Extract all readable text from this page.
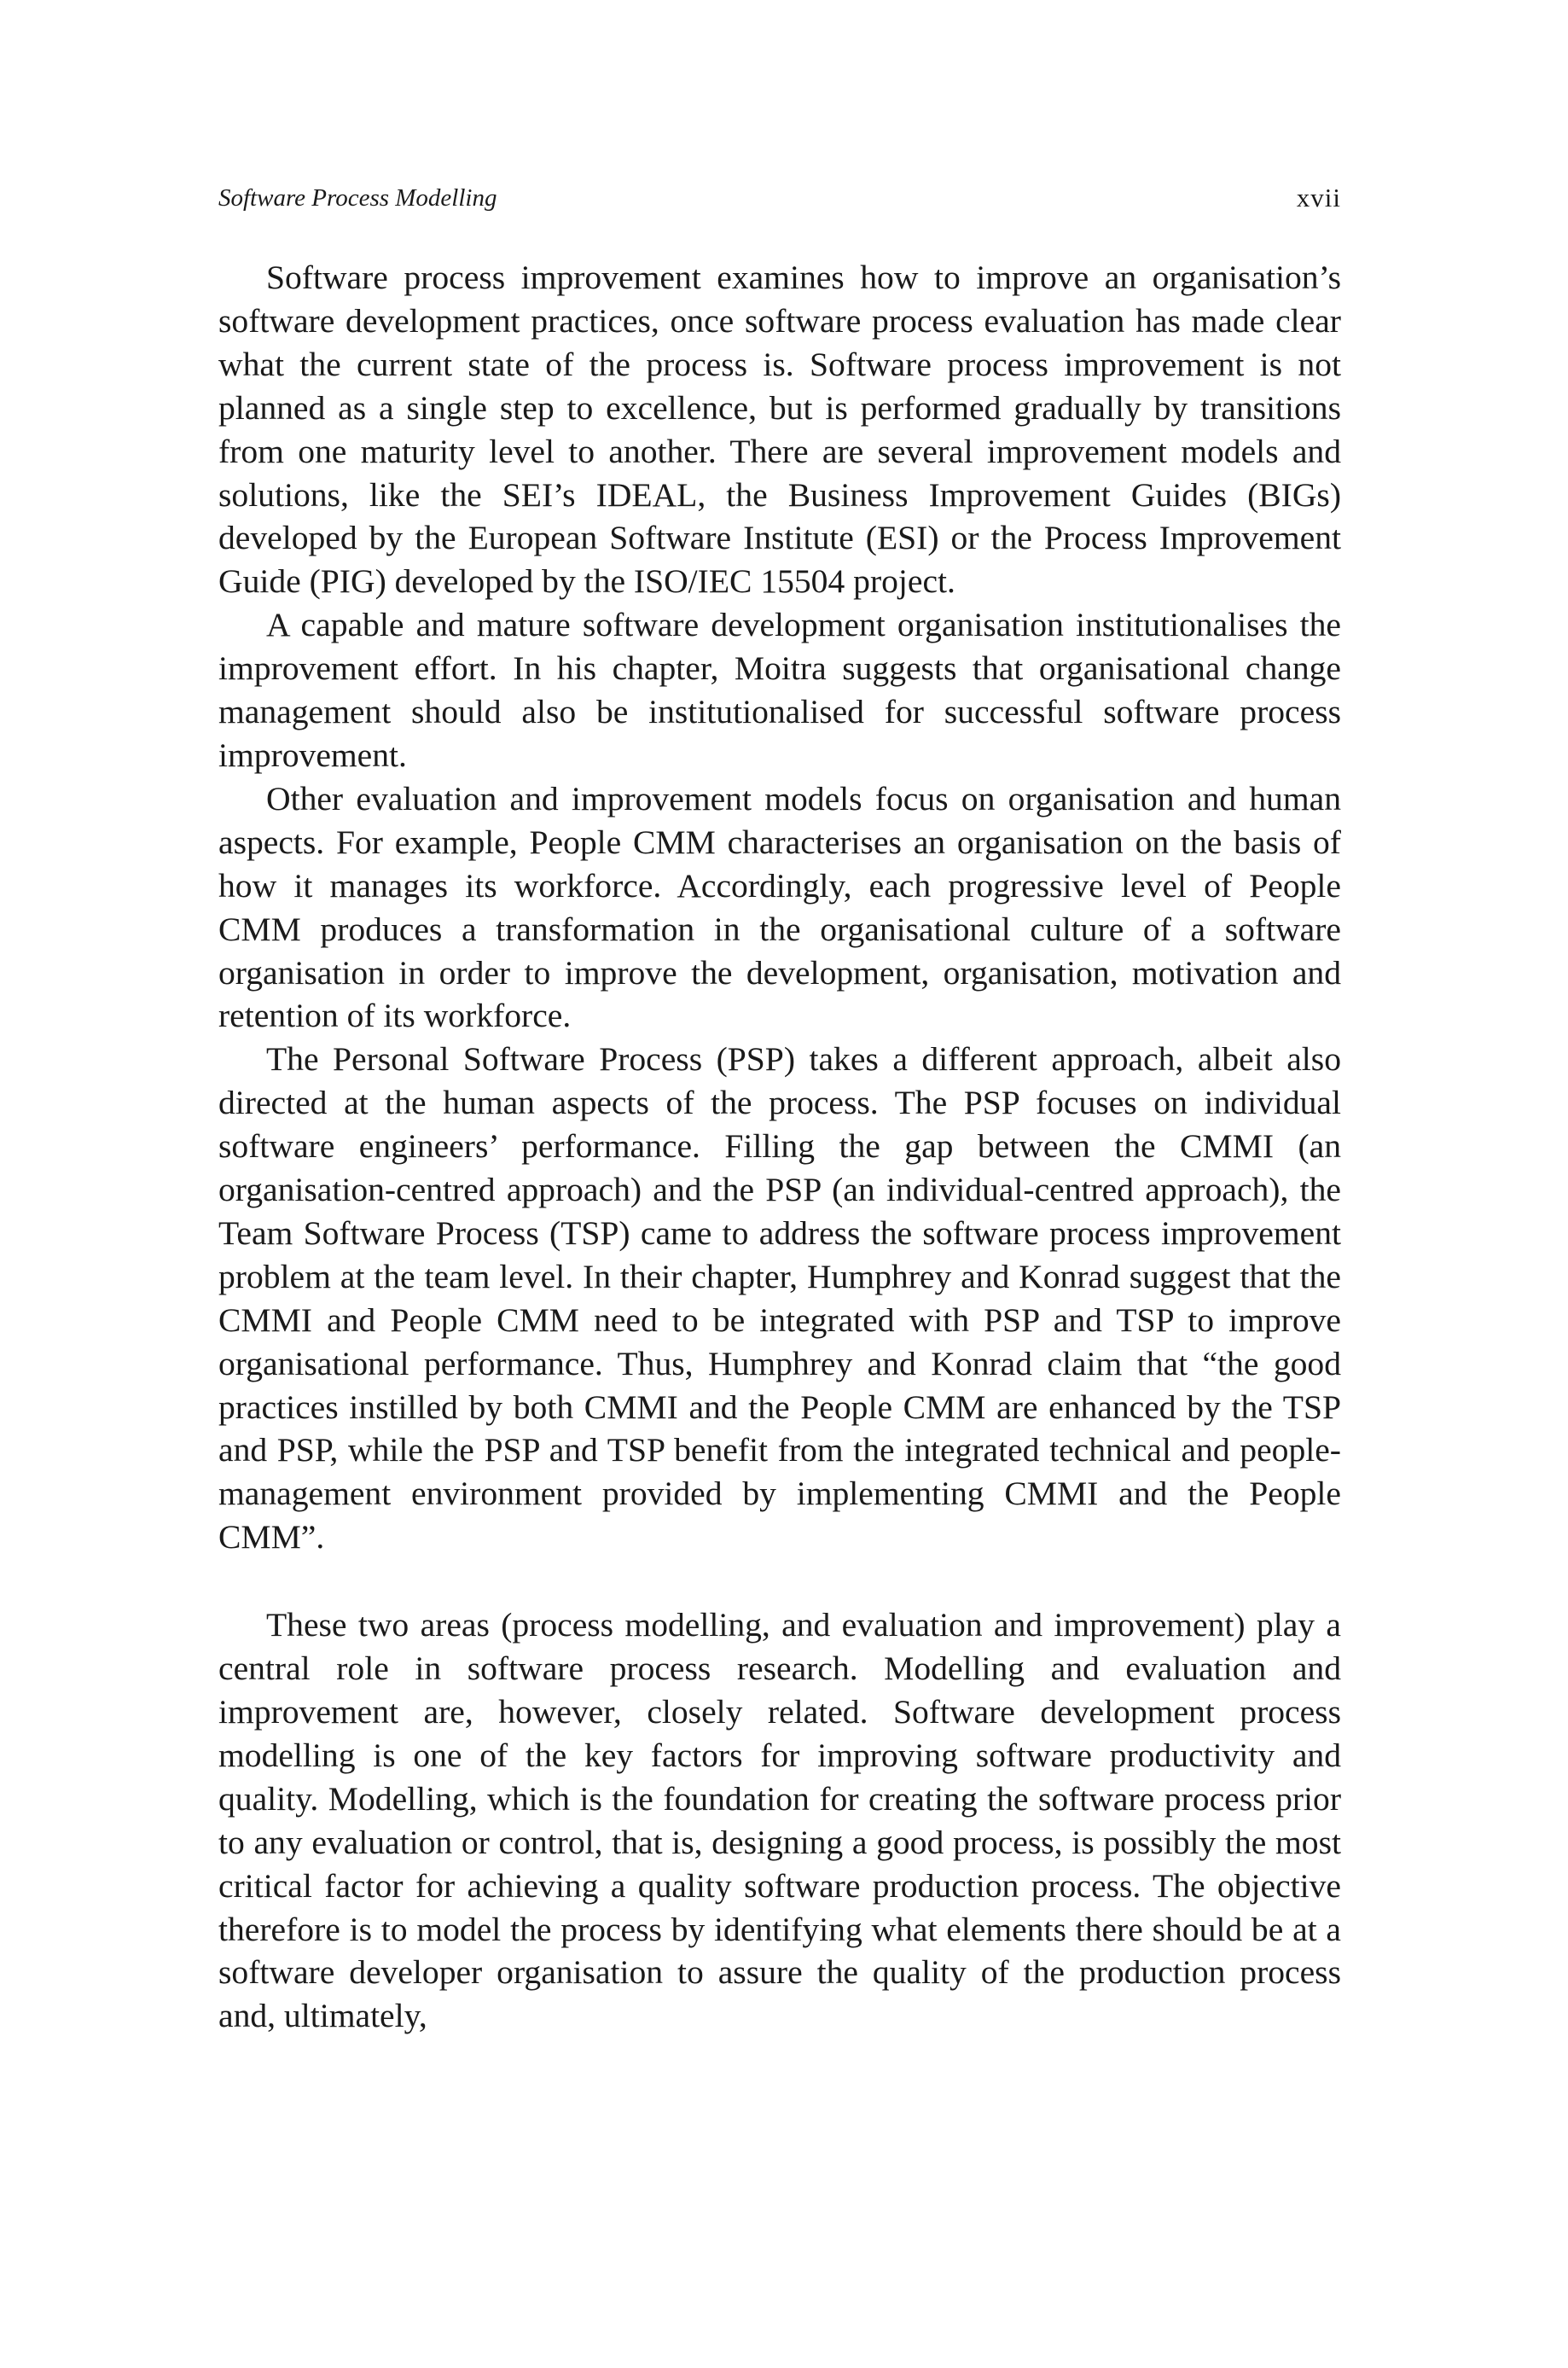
Software Process Modelling	xvii

Software process improvement examines how to improve an organisation’s software development practices, once software process evaluation has made clear what the current state of the process is. Software process improvement is not planned as a single step to excellence, but is performed gradually by transitions from one maturity level to another. There are several improvement models and solutions, like the SEI’s IDEAL, the Business Improvement Guides (BIGs) developed by the European Software Institute (ESI) or the Process Improvement Guide (PIG) developed by the ISO/IEC 15504 project.

A capable and mature software development organisation institutionalises the improvement effort. In his chapter, Moitra suggests that organisational change management should also be institutionalised for successful software process improvement.

Other evaluation and improvement models focus on organisation and human aspects. For example, People CMM characterises an organisation on the basis of how it manages its workforce. Accordingly, each progressive level of People CMM produces a transformation in the organisational culture of a software organisation in order to improve the development, organisation, motivation and retention of its workforce.

The Personal Software Process (PSP) takes a different approach, albeit also directed at the human aspects of the process. The PSP focuses on individual software engineers’ performance. Filling the gap between the CMMI (an organisation-centred approach) and the PSP (an individual-centred approach), the Team Software Process (TSP) came to address the software process improvement problem at the team level. In their chapter, Humphrey and Konrad suggest that the CMMI and People CMM need to be integrated with PSP and TSP to improve organisational performance. Thus, Humphrey and Konrad claim that “the good practices instilled by both CMMI and the People CMM are enhanced by the TSP and PSP, while the PSP and TSP benefit from the integrated technical and people-management environment provided by implementing CMMI and the People CMM”.

These two areas (process modelling, and evaluation and improvement) play a central role in software process research. Modelling and evaluation and improvement are, however, closely related. Software development process modelling is one of the key factors for improving software productivity and quality. Modelling, which is the foundation for creating the software process prior to any evaluation or control, that is, designing a good process, is possibly the most critical factor for achieving a quality software production process. The objective therefore is to model the process by identifying what elements there should be at a software developer organisation to assure the quality of the production process and, ultimately,
